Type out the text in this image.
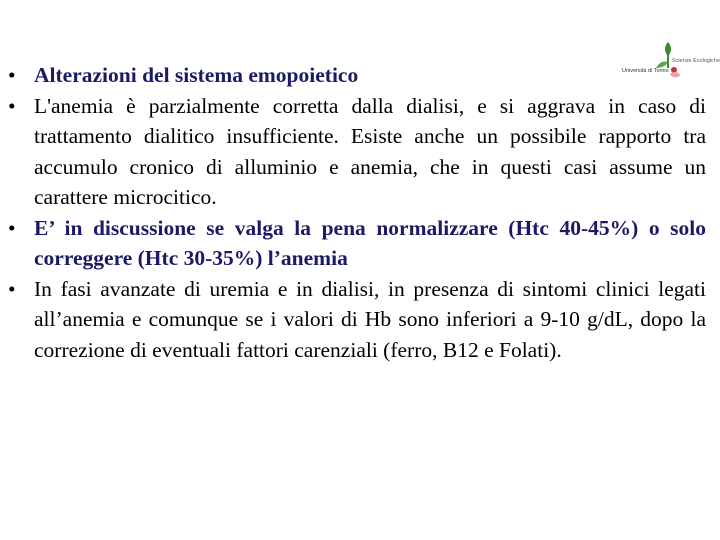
Università di Torino
Scienze Ecologiche
• Alterazioni del sistema emopoietico
• L'anemia è parzialmente corretta dalla dialisi, e si aggrava in caso di trattamento dialitico insufficiente. Esiste anche un possibile rapporto tra accumulo cronico di alluminio e anemia, che in questi casi assume un carattere microcitico.
• E’ in discussione se valga la pena normalizzare (Htc 40-45%) o solo correggere (Htc 30-35%) l’anemia
• In fasi avanzate di uremia e in dialisi, in presenza di sintomi clinici legati all’anemia e comunque se i valori di Hb sono inferiori a 9-10 g/dL, dopo la correzione di eventuali fattori carenziali (ferro, B12 e Folati).
